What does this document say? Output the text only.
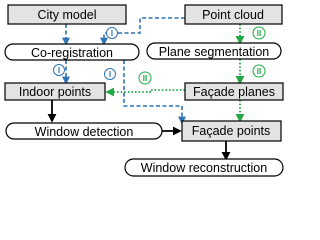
City model	Point cloud
Co-registration	Plane segmentation
Indoor points	Façade planes
Window detection	Façade points
Window reconstruction
I	II
I	I	II
II
